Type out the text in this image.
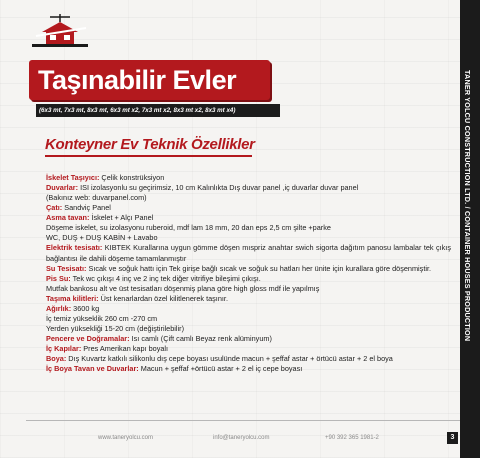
Taşınabilir Evler
(6x3 mt, 7x3 mt, 8x3 mt, 6x3 mt x2, 7x3 mt x2, 8x3 mt x2, 8x3 mt x4)
Konteyner Ev Teknik Özellikler
İskelet Taşıyıcı: Çelik konstrüksiyon
Duvarlar: ISI izolasyonlu su geçirimsiz, 10 cm Kalınlıkta Dış duvar panel ,iç duvarlar duvar panel
(Bakınız web: duvarpanel.com)
Çatı: Sandviç Panel
Asma tavan: İskelet + Alçı Panel
Döşeme iskelet, su izolasyonu ruberoid, mdf lam 18 mm, 20 dan eps 2,5 cm şilte +parke
WC, DUŞ + DUŞ KABİN + Lavabo
Elektrik tesisatı: KIBTEK Kurallarına uygun gömme döşen mıspriz anahtar swich sigorta dağıtım panosu lambalar tek çıkış bağlantısı ile dahili döşeme tamamlanmıştır
Su Tesisatı: Sıcak ve soğuk hattı için Tek girişe bağlı sıcak ve soğuk su hatları her ünite için kurallara göre döşenmiştir.
Pis Su: Tek wc çıkışı 4 inç ve 2 inç tek diğer vitrifiye bileşimi çıkışı.
Mutfak bankosu alt ve üst tesisatları döşenmiş plana göre high gloss mdf ile yapılmış
Taşıma kilitleri: Üst kenarlardan özel kilitlenerek taşınır.
Ağırlık: 3600 kg
İç temiz yükseklik 260 cm -270 cm
Yerden yüksekliği 15-20 cm (değiştirilebilir)
Pencere ve Doğramalar: Isı camlı (Çift camlı Beyaz renk alüminyum)
İç Kapılar: Pres Amerikan kapı boyalı
Boya: Dış Kuvartz katkılı silikonlu dış cepe boyası usulünde macun + şeffaf astar + örtücü astar + 2 el boya
İç Boya Tavan ve Duvarlar: Macun + şeffaf +örtücü astar + 2 el iç cepe boyası
TANER YOLCU CONSTRUCTION LTD. / CONTAINER HOUSES PRODUCTION
www.taneryolcu.com	info@taneryolcu.com	+90 392 365 1981-2	3
